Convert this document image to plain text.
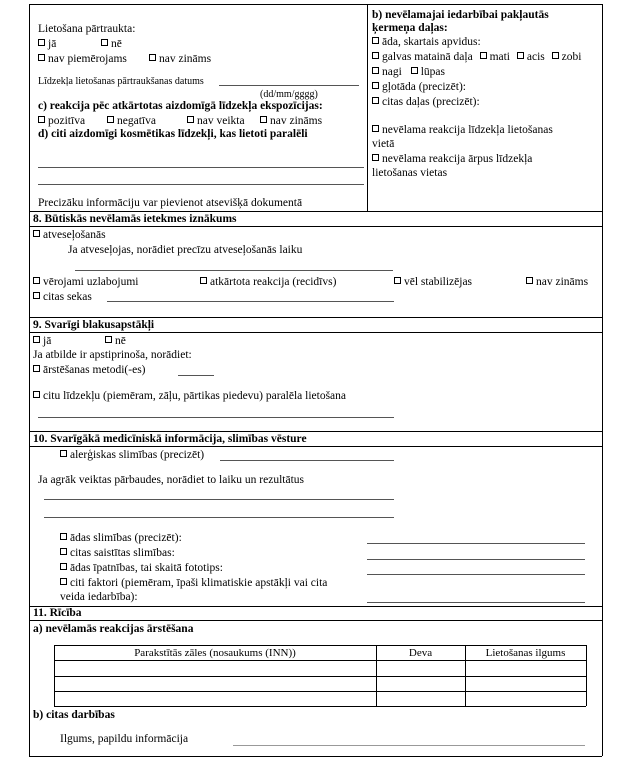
Lietošana pārtraukta:
jā	nē
nav piemērojams	nav zināms
Līdzekļa lietošanas pārtraukšanas datums
(dd/mm/gggg)
c) reakcija pēc atkārtotas aizdomīgā līdzekļa ekspozīcijas:
pozitīva	negatīva	nav veikta	nav zināms
d) citi aizdomīgi kosmētikas līdzekļi, kas lietoti paralēli
Precizāku informāciju var pievienot atsevišķā dokumentā
b) nevēlamajai iedarbībai pakļautās
ķermeņa daļas:
āda, skartais apvidus:
galvas matainā daļa mati acis zobi
nagi lūpas
gļotāda (precizēt):
citas daļas (precizēt):
nevēlama reakcija līdzekļa lietošanas
vietā
nevēlama reakcija ārpus līdzekļa
lietošanas vietas
8. Būtiskās nevēlamās ietekmes iznākums
atveseļošanās
Ja atveseļojas, norādiet precīzu atveseļošanās laiku
vērojami uzlabojumi	atkārtota reakcija (recidīvs)	vēl stabilizējas	nav zināms
citas sekas
9. Svarīgi blakusapstākļi
jā	nē
Ja atbilde ir apstiprinoša, norādiet:
ārstēšanas metodi(-es)
citu līdzekļu (piemēram, zāļu, pārtikas piedevu) paralēla lietošana
10. Svarīgākā medicīniskā informācija, slimības vēsture
alerģiskas slimības (precizēt)
Ja agrāk veiktas pārbaudes, norādiet to laiku un rezultātus
ādas slimības (precizēt):
citas saistītas slimības:
ādas īpatnības, tai skaitā fototips:
citi faktori (piemēram, īpaši klimatiskie apstākļi vai cita
veida iedarbība):
11. Rīcība
a) nevēlamās reakcijas ārstēšana
Parakstītās zāles (nosaukums (INN))	Deva	Lietošanas ilgums
b) citas darbības
Ilgums, papildu informācija
